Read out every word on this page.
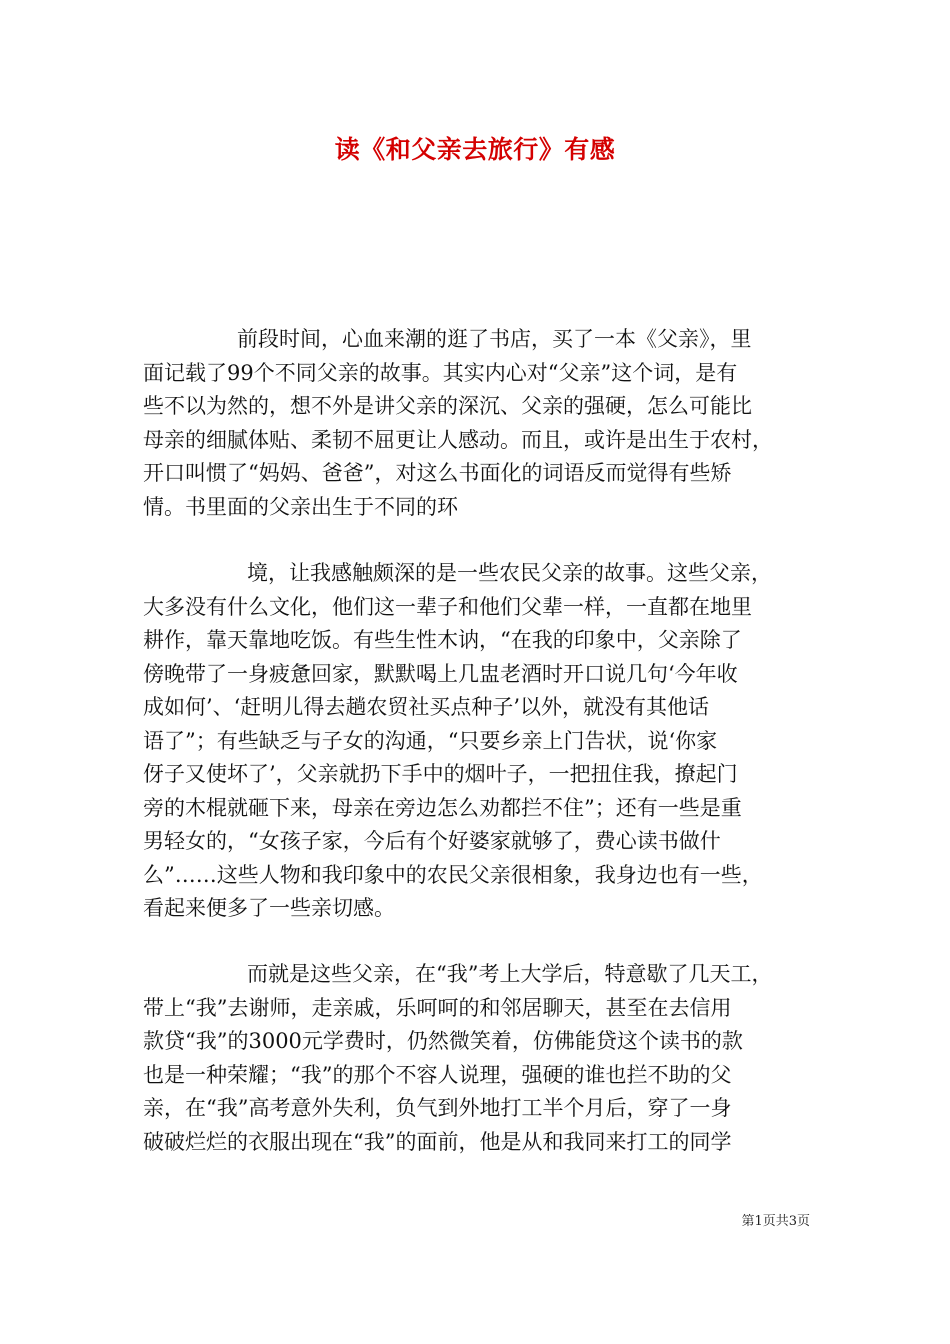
读《和父亲去旅行》有感
前段时间，心血来潮的逛了书店，买了一本《父亲》，里
面记载了99个不同父亲的故事。其实内心对“父亲”这个词，是有
些不以为然的，想不外是讲父亲的深沉、父亲的强硬，怎么可能比
母亲的细腻体贴、柔韧不屈更让人感动。而且，或许是出生于农村，
开口叫惯了“妈妈、爸爸”，对这么书面化的词语反而觉得有些矫
情。书里面的父亲出生于不同的环
境，让我感触颇深的是一些农民父亲的故事。这些父亲，
大多没有什么文化，他们这一辈子和他们父辈一样，一直都在地里
耕作，靠天靠地吃饭。有些生性木讷，“在我的印象中，父亲除了
傍晚带了一身疲惫回家，默默喝上几盅老酒时开口说几句‘今年收
成如何’、‘赶明儿得去趟农贸社买点种子’以外，就没有其他话
语了”；有些缺乏与子女的沟通，“只要乡亲上门告状，说‘你家
伢子又使坏了’，父亲就扔下手中的烟叶子，一把扭住我，撩起门
旁的木棍就砸下来，母亲在旁边怎么劝都拦不住”；还有一些是重
男轻女的，“女孩子家，今后有个好婆家就够了，费心读书做什
么”……这些人物和我印象中的农民父亲很相象，我身边也有一些，
看起来便多了一些亲切感。
而就是这些父亲，在“我”考上大学后，特意歇了几天工，
带上“我”去谢师，走亲戚，乐呵呵的和邻居聊天，甚至在去信用
款贷“我”的3000元学费时，仍然微笑着，仿佛能贷这个读书的款
也是一种荣耀；“我”的那个不容人说理，强硬的谁也拦不助的父
亲，在“我”高考意外失利，负气到外地打工半个月后，穿了一身
破破烂烂的衣服出现在“我”的面前，他是从和我同来打工的同学
第1页共3页
